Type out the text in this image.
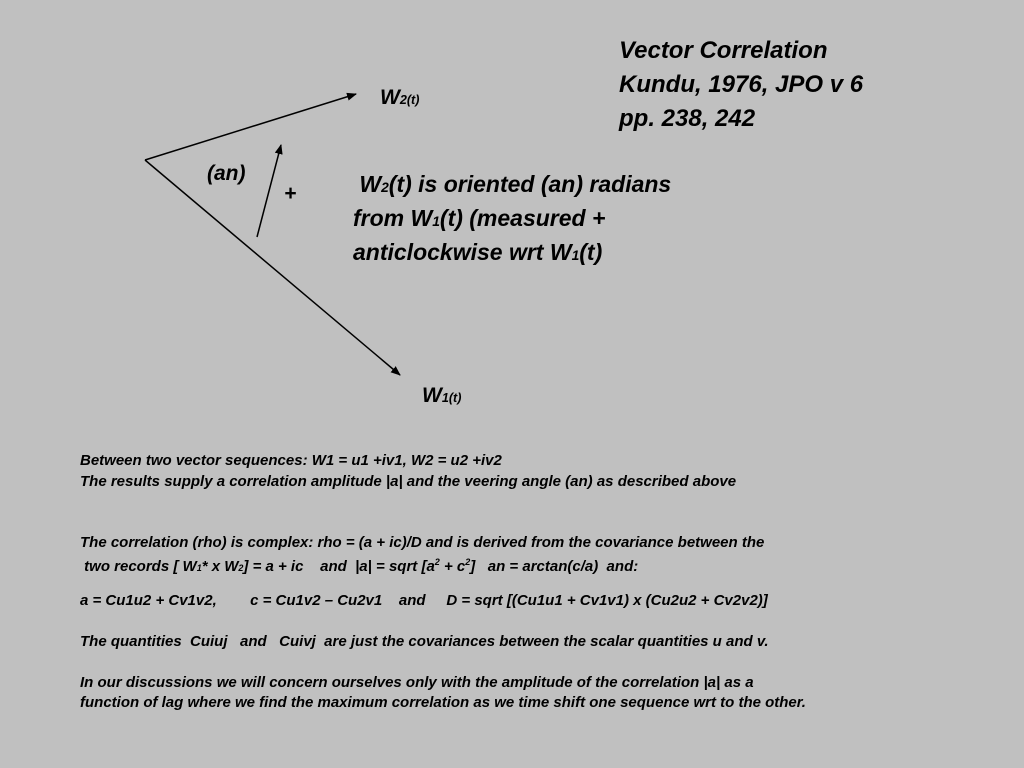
Vector Correlation
Kundu, 1976, JPO v 6
pp. 238, 242
W2(t)
W1(t)
(an)
+	W2(t) is oriented (an) radians
from W1(t) (measured +
anticlockwise wrt W1(t)
Between two vector sequences: W1 = u1 +iv1, W2 = u2 +iv2
The results supply a correlation amplitude |a| and the veering angle (an) as described above
The correlation (rho) is complex: rho = (a + ic)/D and is derived from the covariance between the
two records [ W1* x W2] = a + ic    and  |a| = sqrt $[a^2 + c^2]$   an = arctan(c/a)  and:
a = Cu1u2 + Cv1v2,        c = Cu1v2 – Cu2v1    and     D = sqrt [(Cu1u1 + Cv1v1) x (Cu2u2 + Cv2v2)]
The quantities  Cuiuj   and   Cuivj  are just the covariances between the scalar quantities u and v.
In our discussions we will concern ourselves only with the amplitude of the correlation |a| as a
function of lag where we find the maximum correlation as we time shift one sequence wrt to the other.
